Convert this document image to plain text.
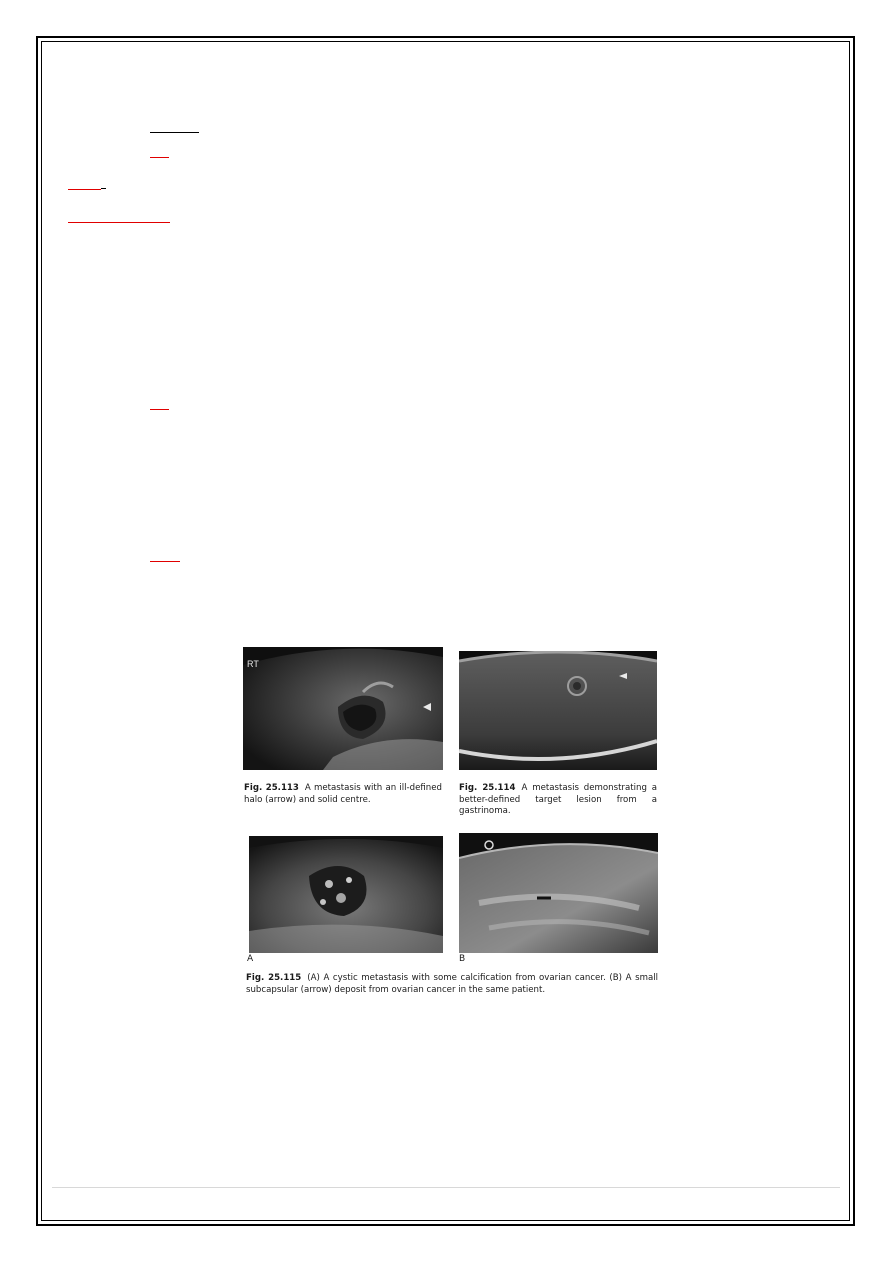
RT
Fig. 25.113 A metastasis with an ill-defined halo (arrow) and solid centre.
Fig. 25.114 A metastasis demonstrating a better-defined target lesion from a gastrinoma.
A	B
Fig. 25.115 (A) A cystic metastasis with some calcification from ovarian cancer. (B) A small subcapsular (arrow) deposit from ovarian cancer in the same patient.
